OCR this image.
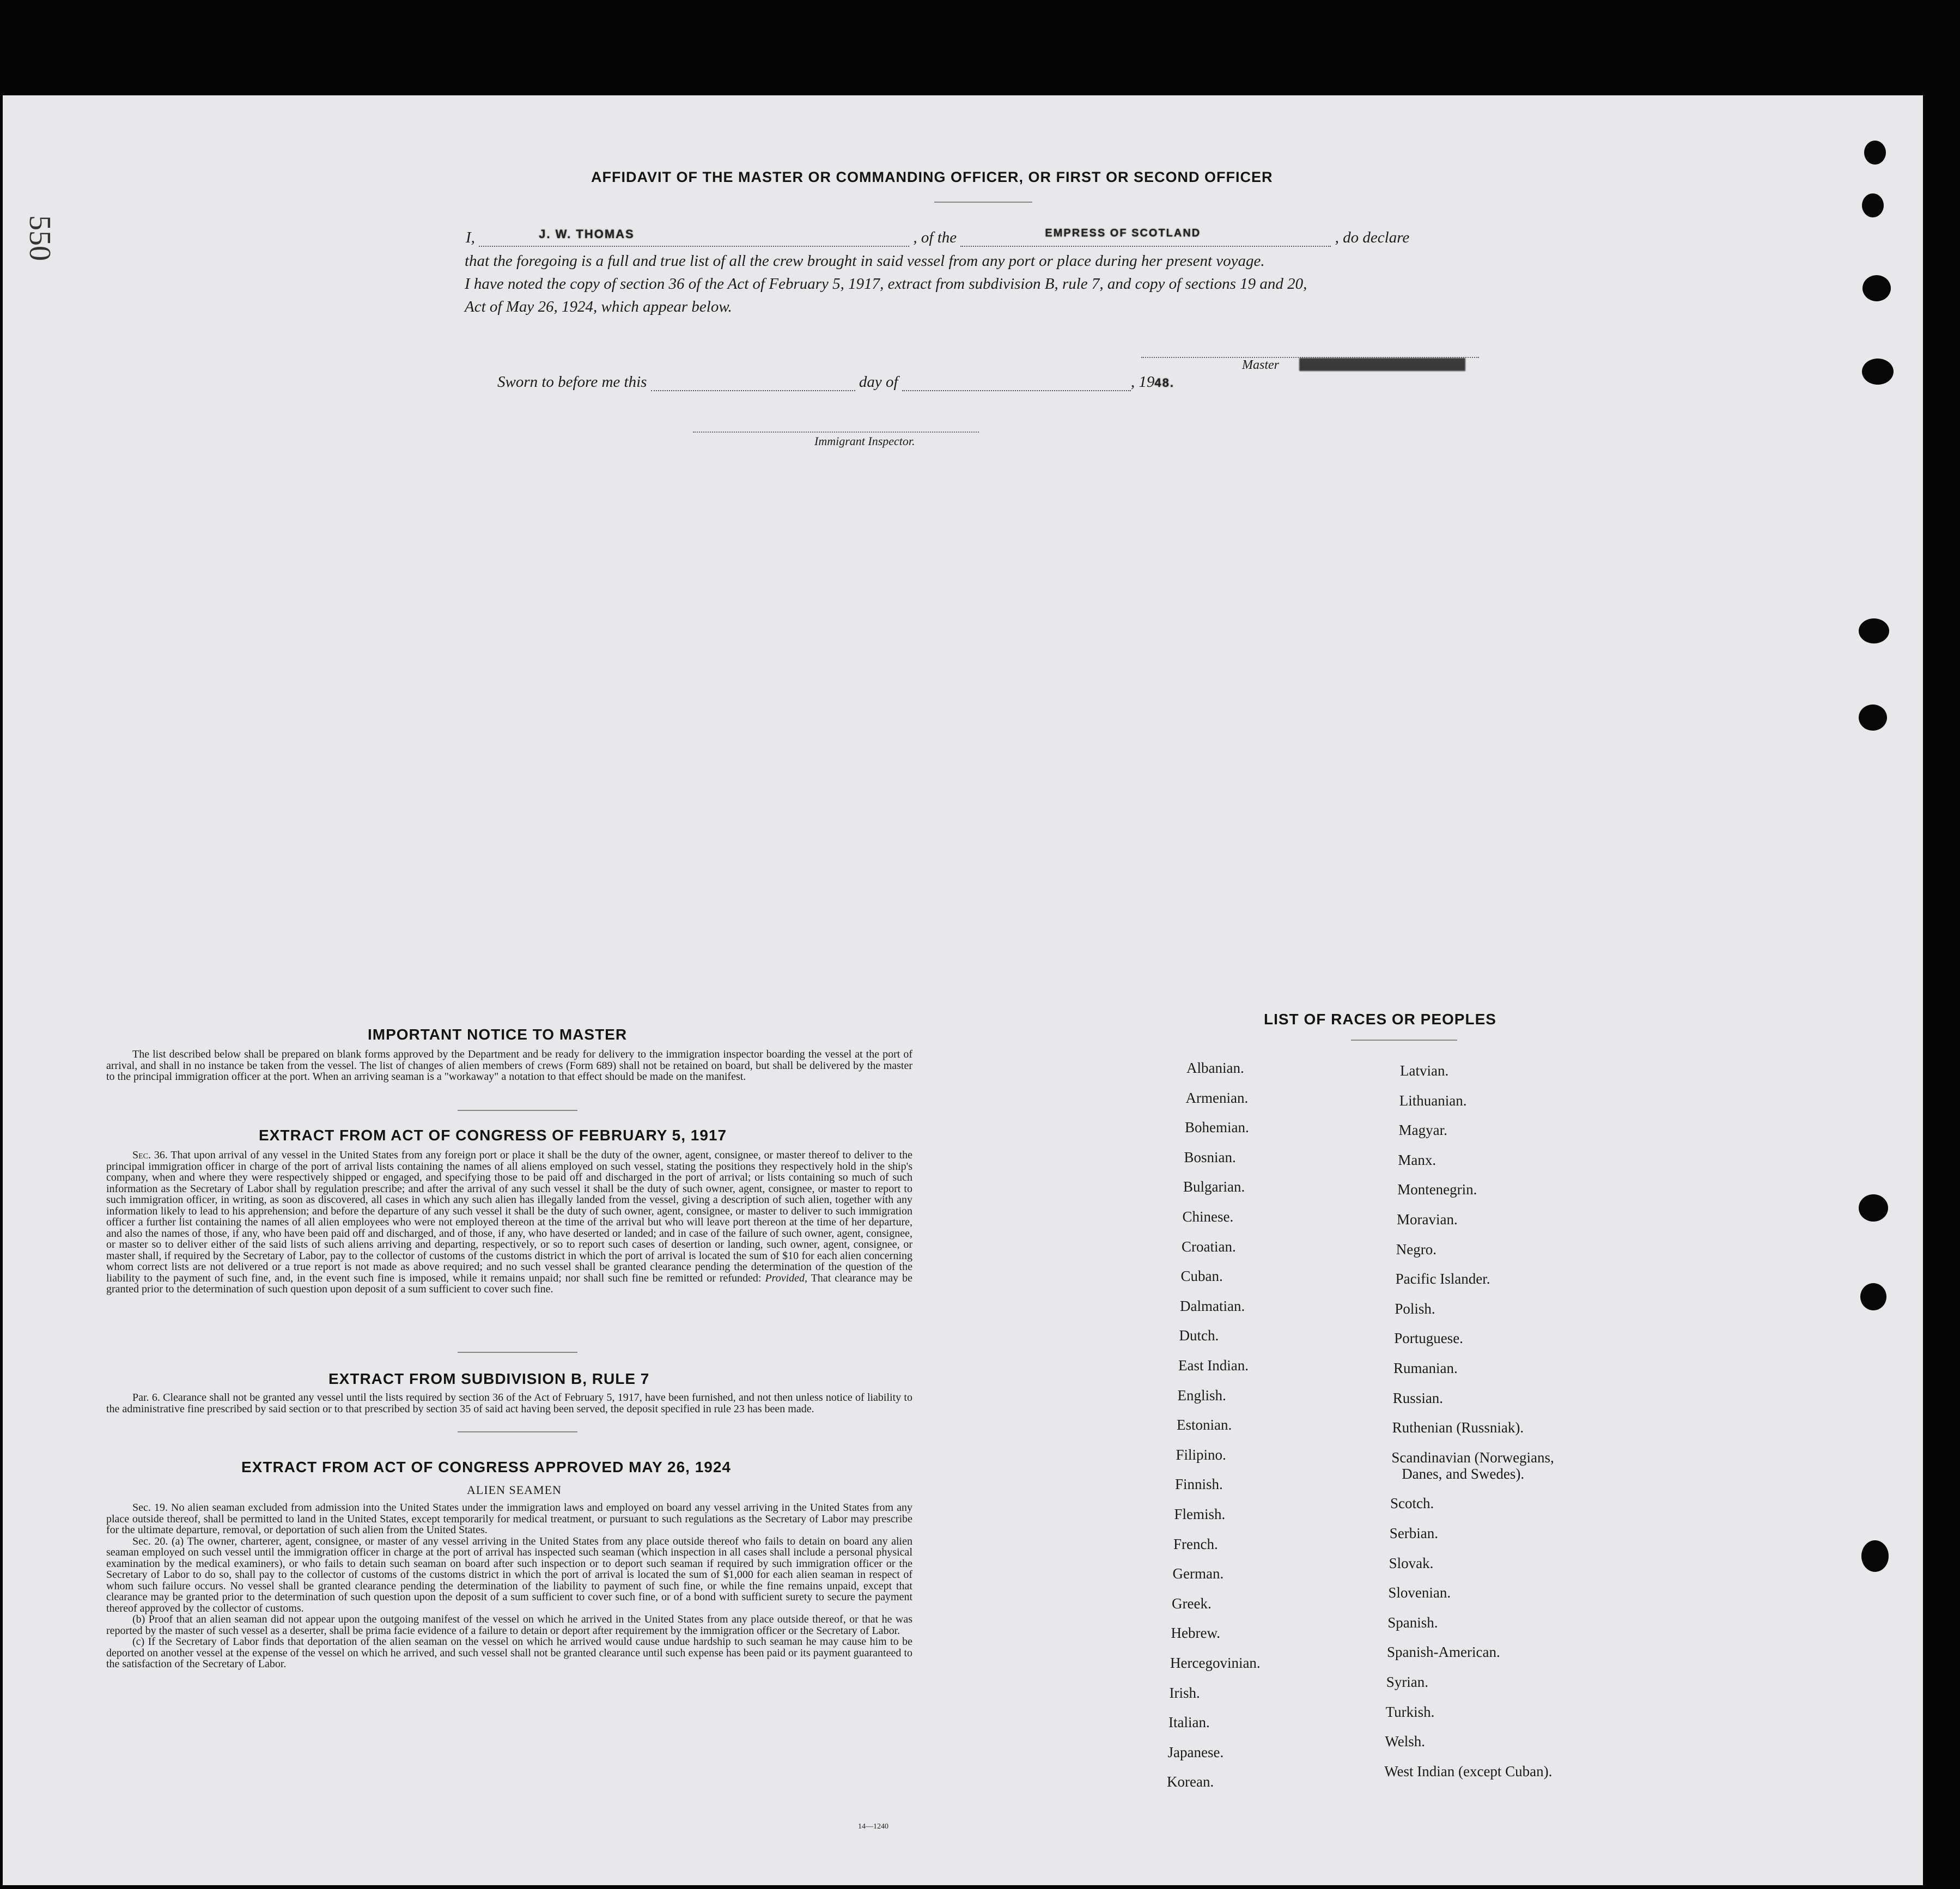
550
AFFIDAVIT OF THE MASTER OR COMMANDING OFFICER, OR FIRST OR SECOND OFFICER
I,	J. W. THOMAS	, of the	EMPRESS OF SCOTLAND	, do declare
that the foregoing is a full and true list of all the crew brought in said vessel from any port or place during her present voyage.
I have noted the copy of section 36 of the Act of February 5, 1917, extract from subdivision B, rule 7, and copy of sections 19 and 20,
Act of May 26, 1924, which appear below.
Master
Sworn to before me this	day of	, 1948.
Immigrant Inspector.
IMPORTANT NOTICE TO MASTER
The list described below shall be prepared on blank forms approved by the Department and be ready for delivery to the immigration inspector boarding the vessel at the port of arrival, and shall in no instance be taken from the vessel. The list of changes of alien members of crews (Form 689) shall not be retained on board, but shall be delivered by the master to the principal immigration officer at the port. When an arriving seaman is a "workaway" a notation to that effect should be made on the manifest.
EXTRACT FROM ACT OF CONGRESS OF FEBRUARY 5, 1917
Sec. 36. That upon arrival of any vessel in the United States from any foreign port or place it shall be the duty of the owner, agent, consignee, or master thereof to deliver to the principal immigration officer in charge of the port of arrival lists containing the names of all aliens employed on such vessel, stating the positions they respectively hold in the ship's company, when and where they were respectively shipped or engaged, and specifying those to be paid off and discharged in the port of arrival; or lists containing so much of such information as the Secretary of Labor shall by regulation prescribe; and after the arrival of any such vessel it shall be the duty of such owner, agent, consignee, or master to report to such immigration officer, in writing, as soon as discovered, all cases in which any such alien has illegally landed from the vessel, giving a description of such alien, together with any information likely to lead to his apprehension; and before the departure of any such vessel it shall be the duty of such owner, agent, consignee, or master to deliver to such immigration officer a further list containing the names of all alien employees who were not employed thereon at the time of the arrival but who will leave port thereon at the time of her departure, and also the names of those, if any, who have been paid off and discharged, and of those, if any, who have deserted or landed; and in case of the failure of such owner, agent, consignee, or master so to deliver either of the said lists of such aliens arriving and departing, respectively, or so to report such cases of desertion or landing, such owner, agent, consignee, or master shall, if required by the Secretary of Labor, pay to the collector of customs of the customs district in which the port of arrival is located the sum of $10 for each alien concerning whom correct lists are not delivered or a true report is not made as above required; and no such vessel shall be granted clearance pending the determination of the question of the liability to the payment of such fine, and, in the event such fine is imposed, while it remains unpaid; nor shall such fine be remitted or refunded: Provided, That clearance may be granted prior to the determination of such question upon deposit of a sum sufficient to cover such fine.
EXTRACT FROM SUBDIVISION B, RULE 7
Par. 6. Clearance shall not be granted any vessel until the lists required by section 36 of the Act of February 5, 1917, have been furnished, and not then unless notice of liability to the administrative fine prescribed by said section or to that prescribed by section 35 of said act having been served, the deposit specified in rule 23 has been made.
EXTRACT FROM ACT OF CONGRESS APPROVED MAY 26, 1924
ALIEN SEAMEN
Sec. 19. No alien seaman excluded from admission into the United States under the immigration laws and employed on board any vessel arriving in the United States from any place outside thereof, shall be permitted to land in the United States, except temporarily for medical treatment, or pursuant to such regulations as the Secretary of Labor may prescribe for the ultimate departure, removal, or deportation of such alien from the United States.
Sec. 20. (a) The owner, charterer, agent, consignee, or master of any vessel arriving in the United States from any place outside thereof who fails to detain on board any alien seaman employed on such vessel until the immigration officer in charge at the port of arrival has inspected such seaman (which inspection in all cases shall include a personal physical examination by the medical examiners), or who fails to detain such seaman on board after such inspection or to deport such seaman if required by such immigration officer or the Secretary of Labor to do so, shall pay to the collector of customs of the customs district in which the port of arrival is located the sum of $1,000 for each alien seaman in respect of whom such failure occurs. No vessel shall be granted clearance pending the determination of the liability to payment of such fine, or while the fine remains unpaid, except that clearance may be granted prior to the determination of such question upon the deposit of a sum sufficient to cover such fine, or of a bond with sufficient surety to secure the payment thereof approved by the collector of customs.
(b) Proof that an alien seaman did not appear upon the outgoing manifest of the vessel on which he arrived in the United States from any place outside thereof, or that he was reported by the master of such vessel as a deserter, shall be prima facie evidence of a failure to detain or deport after requirement by the immigration officer or the Secretary of Labor.
(c) If the Secretary of Labor finds that deportation of the alien seaman on the vessel on which he arrived would cause undue hardship to such seaman he may cause him to be deported on another vessel at the expense of the vessel on which he arrived, and such vessel shall not be granted clearance until such expense has been paid or its payment guaranteed to the satisfaction of the Secretary of Labor.
14—1240
LIST OF RACES OR PEOPLES
Albanian.
Armenian.
Bohemian.
Bosnian.
Bulgarian.
Chinese.
Croatian.
Cuban.
Dalmatian.
Dutch.
East Indian.
English.
Estonian.
Filipino.
Finnish.
Flemish.
French.
German.
Greek.
Hebrew.
Hercegovinian.
Irish.
Italian.
Japanese.
Korean.
Latvian.
Lithuanian.
Magyar.
Manx.
Montenegrin.
Moravian.
Negro.
Pacific Islander.
Polish.
Portuguese.
Rumanian.
Russian.
Ruthenian (Russniak).
Scandinavian (Norwegians,
Danes, and Swedes).
Scotch.
Serbian.
Slovak.
Slovenian.
Spanish.
Spanish-American.
Syrian.
Turkish.
Welsh.
West Indian (except Cuban).
